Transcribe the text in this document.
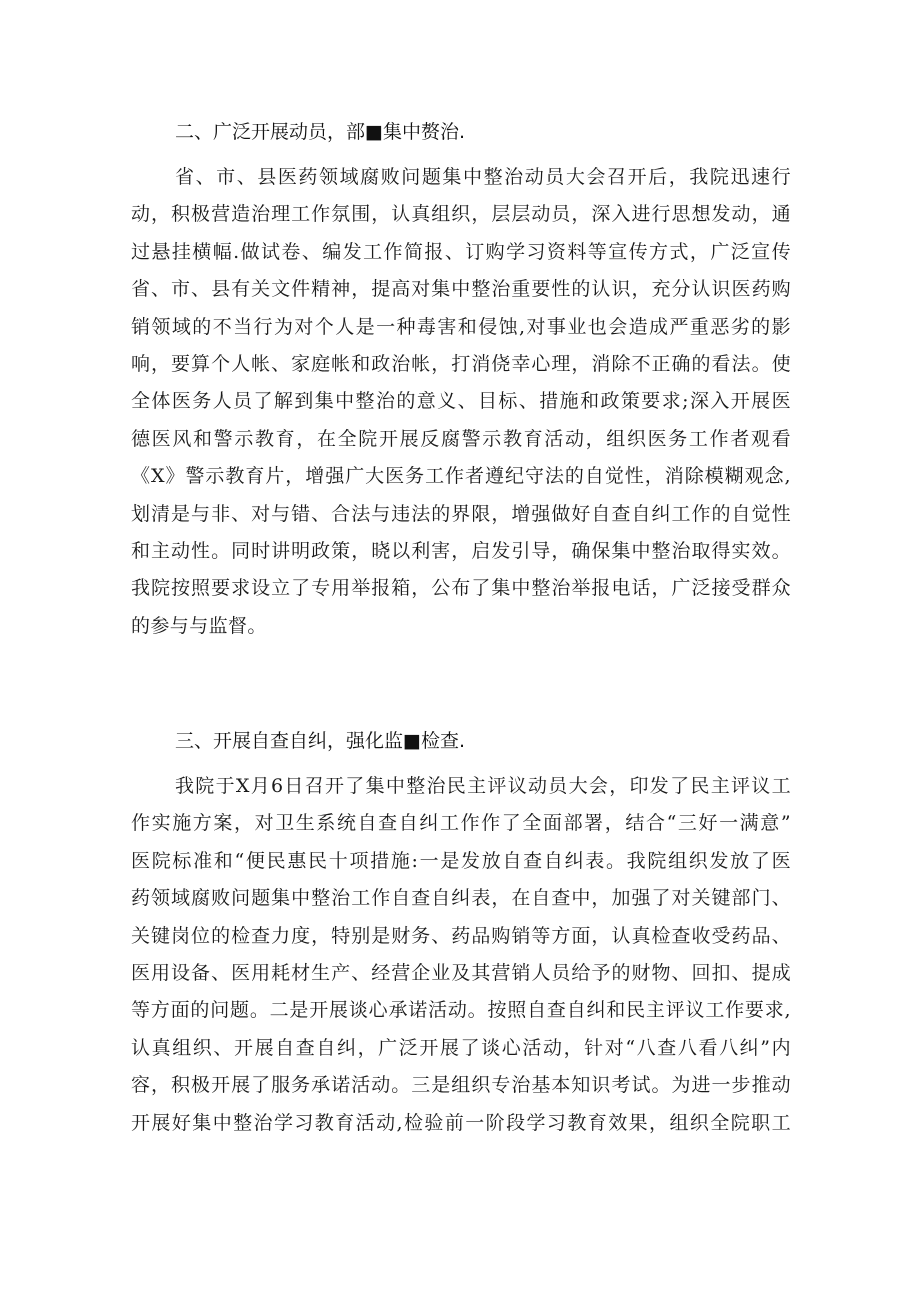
二、广泛开展动员，部■集中赘治.
省、市、县医药领域腐败问题集中整治动员大会召开后，我院迅速行
动，积极营造治理工作氛围，认真组织，层层动员，深入进行思想发动，通
过悬挂横幅.做试卷、编发工作简报、订购学习资料等宣传方式，广泛宣传
省、市、县有关文件精神，提高对集中整治重要性的认识，充分认识医药购
销领域的不当行为对个人是一种毒害和侵蚀,对事业也会造成严重恶劣的影
响，要算个人帐、家庭帐和政治帐，打消侥幸心理，消除不正确的看法。使
全体医务人员了解到集中整治的意义、目标、措施和政策要求;深入开展医
德医风和警示教育，在全院开展反腐警示教育活动，组织医务工作者观看
《X》警示教育片，增强广大医务工作者遵纪守法的自觉性，消除模糊观念,
划清是与非、对与错、合法与违法的界限，增强做好自查自纠工作的自觉性
和主动性。同时讲明政策，晓以利害，启发引导，确保集中整治取得实效。
我院按照要求设立了专用举报箱，公布了集中整治举报电话，广泛接受群众
的参与与监督。
三、开展自查自纠，强化监■检查.
我院于X月6日召开了集中整治民主评议动员大会，印发了民主评议工
作实施方案，对卫生系统自查自纠工作作了全面部署，结合“三好一满意”
医院标准和“便民惠民十项措施:一是发放自查自纠表。我院组织发放了医
药领域腐败问题集中整治工作自查自纠表，在自查中，加强了对关键部门、
关键岗位的检查力度，特别是财务、药品购销等方面，认真检查收受药品、
医用设备、医用耗材生产、经营企业及其营销人员给予的财物、回扣、提成
等方面的问题。二是开展谈心承诺活动。按照自查自纠和民主评议工作要求,
认真组织、开展自查自纠，广泛开展了谈心活动，针对“八查八看八纠”内
容，积极开展了服务承诺活动。三是组织专治基本知识考试。为进一步推动
开展好集中整治学习教育活动,检验前一阶段学习教育效果，组织全院职工
